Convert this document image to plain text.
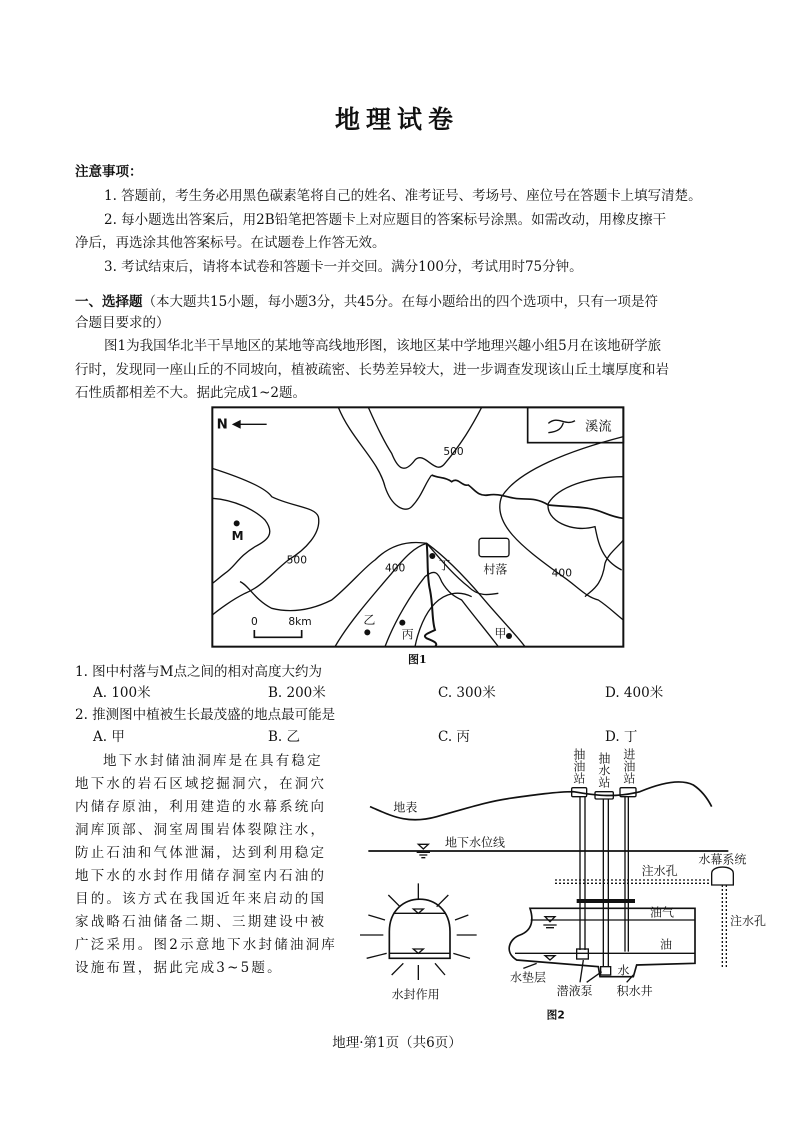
地理试卷
注意事项：
1. 答题前，考生务必用黑色碳素笔将自己的姓名、准考证号、考场号、座位号在答题卡上填写清楚。
2. 每小题选出答案后，用2B铅笔把答题卡上对应题目的答案标号涂黑。如需改动，用橡皮擦干
净后，再选涂其他答案标号。在试题卷上作答无效。
3. 考试结束后，请将本试卷和答题卡一并交回。满分100分，考试用时75分钟。
一、选择题（本大题共15小题，每小题3分，共45分。在每小题给出的四个选项中，只有一项是符
合题目要求的）
图1为我国华北半干旱地区的某地等高线地形图，该地区某中学地理兴趣小组5月在该地研学旅
行时，发现同一座山丘的不同坡向，植被疏密、长势差异较大，进一步调查发现该山丘土壤厚度和岩
石性质都相差不大。据此完成1~2题。
溪流
N
M
丁
乙
丙 甲
村落
500
500
400	400
0 8km
图1
1. 图中村落与M点之间的相对高度大约为
A. 100米	B. 200米	C. 300米	D. 400米
2. 推测图中植被生长最茂盛的地点最可能是
A. 甲	B. 乙	C. 丙	D. 丁
地下水封储油洞库是在具有稳定
地下水的岩石区域挖掘洞穴，在洞穴
内储存原油，利用建造的水幕系统向
洞库顶部、洞室周围岩体裂隙注水，
防止石油和气体泄漏，达到利用稳定
地下水的水封作用储存洞室内石油的
目的。该方式在我国近年来启动的国
家战略石油储备二期、三期建设中被
广泛采用。图2示意地下水封储油洞库
设施布置，据此完成3~5题。
地表
地下水位线
抽
油
站
抽
水
站
进
油
站
水幕系统
注水孔
注水孔
油气
油
水
水垫层
潜液泵 积水井
水封作用
图2
地理·第1页（共6页）
